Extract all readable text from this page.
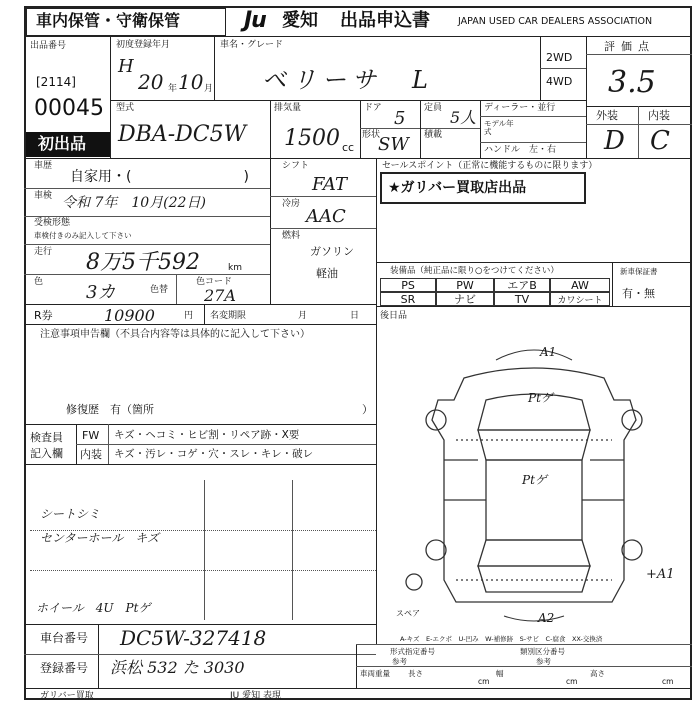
車内保管・守衛保管	Ju 愛知 出品申込書	JAPAN USED CAR DEALERS ASSOCIATION
出品番号
[2114]
00045
初出品
初度登録年月
H
20 年 10 月
車名・グレード
ベリーサ　L
2WD
4WD
評価点
3.5
外装	内装
D C
型式
DBA-DC5W
排気量
1500 cc
ドア 5
形状
SW
定員 5人
積載
ディーラー・並行
モデル年式
ハンドル　左・右
車歴
自家用・(　　　　　　　　)
車検 令和 7年　10月(22日)
受検形態
車検付きのみ記入して下さい
走行 8万5千592	km
色 3カ	色替
色コード
27A
シフト
FAT
冷房
AAC
燃料
ガソリン
軽油
セールスポイント（正常に機能するものに限ります）
★ガリバー買取店出品
装備品（純正品に限り○をつけてください）
PS	PW	エアB	AW
SR	ナビ	TV	カワシート
新車保証書
有・無
R券	10900	円 名変期限	月	日
注意事項申告欄（不具合内容等は具体的に記入して下さい）
修復歴　有（箇所	）
検査員
記入欄
FW キズ・ヘコミ・ヒビ割・リペア跡・X要
内装 キズ・汚レ・コゲ・穴・スレ・キレ・破レ
シートシミ
センターホール　キズ
ホイール　4U　Ptゲ
後日品
A1
Ptゲ
Ptゲ
+A1
A2
スペア
A-キズ　E-エクボ　U-凹み　W-補修跡　S-サビ　C-腐食　XX-交換済
車台番号 DC5W-327418
登録番号 浜松 532 た 3030
ガリバー買取	JU 愛知 表現
形式指定番号	類別区分番号
参考	参考
車両重量 長さ
cm
幅
cm
高さ
cm
